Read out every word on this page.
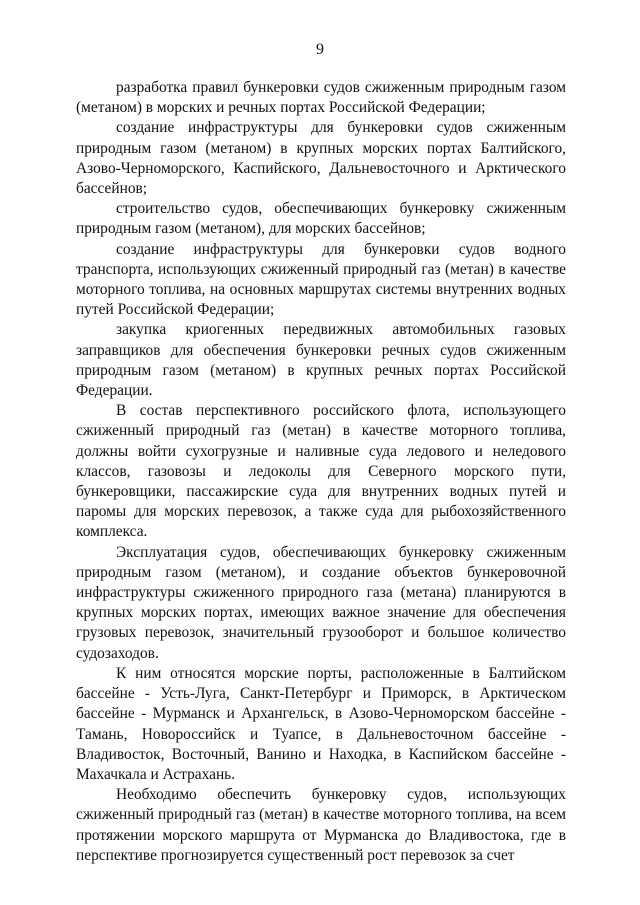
9

разработка правил бункеровки судов сжиженным природным газом (метаном) в морских и речных портах Российской Федерации;

создание инфраструктуры для бункеровки судов сжиженным природным газом (метаном) в крупных морских портах Балтийского, Азово-Черноморского, Каспийского, Дальневосточного и Арктического бассейнов;

строительство судов, обеспечивающих бункеровку сжиженным природным газом (метаном), для морских бассейнов;

создание инфраструктуры для бункеровки судов водного транспорта, использующих сжиженный природный газ (метан) в качестве моторного топлива, на основных маршрутах системы внутренних водных путей Российской Федерации;

закупка криогенных передвижных автомобильных газовых заправщиков для обеспечения бункеровки речных судов сжиженным природным газом (метаном) в крупных речных портах Российской Федерации.

В состав перспективного российского флота, использующего сжиженный природный газ (метан) в качестве моторного топлива, должны войти сухогрузные и наливные суда ледового и неледового классов, газовозы и ледоколы для Северного морского пути, бункеровщики, пассажирские суда для внутренних водных путей и паромы для морских перевозок, а также суда для рыбохозяйственного комплекса.

Эксплуатация судов, обеспечивающих бункеровку сжиженным природным газом (метаном), и создание объектов бункеровочной инфраструктуры сжиженного природного газа (метана) планируются в крупных морских портах, имеющих важное значение для обеспечения грузовых перевозок, значительный грузооборот и большое количество судозаходов.

К ним относятся морские порты, расположенные в Балтийском бассейне - Усть-Луга, Санкт-Петербург и Приморск, в Арктическом бассейне - Мурманск и Архангельск, в Азово-Черноморском бассейне - Тамань, Новороссийск и Туапсе, в Дальневосточном бассейне - Владивосток, Восточный, Ванино и Находка, в Каспийском бассейне - Махачкала и Астрахань.

Необходимо обеспечить бункеровку судов, использующих сжиженный природный газ (метан) в качестве моторного топлива, на всем протяжении морского маршрута от Мурманска до Владивостока, где в перспективе прогнозируется существенный рост перевозок за счет
